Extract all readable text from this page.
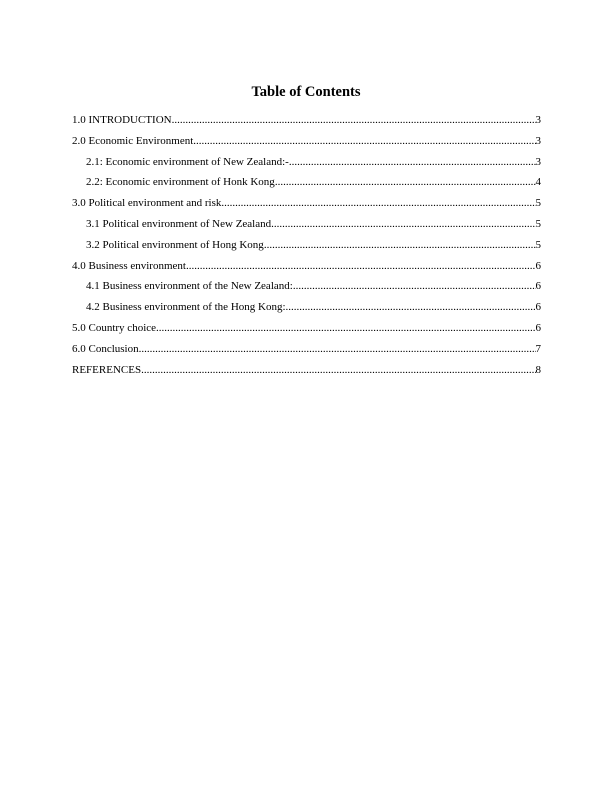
Table of Contents
1.0 INTRODUCTION .....	3
2.0 Economic Environment .....	3
2.1: Economic environment of New Zealand:- .....	3
2.2: Economic environment of Honk Kong .....	4
3.0 Political environment and risk .....	5
3.1 Political environment of New Zealand .....	5
3.2 Political environment of Hong Kong .....	5
4.0 Business environment .....	6
4.1 Business environment of the New Zealand: .....	6
4.2 Business environment of the Hong Kong: .....	6
5.0 Country choice .....	6
6.0 Conclusion .....	7
REFERENCES .....	8
